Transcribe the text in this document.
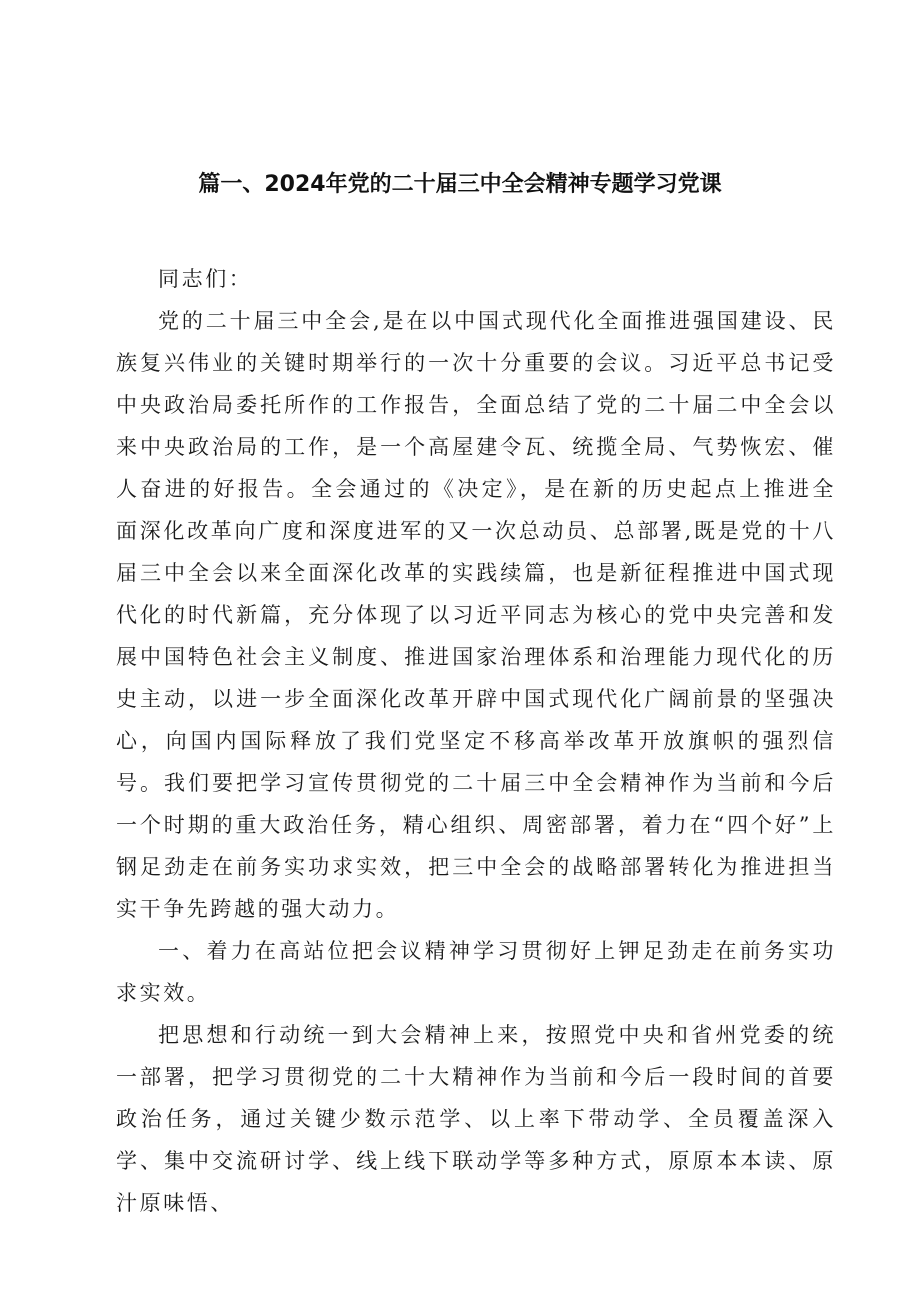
篇一、2024年党的二十届三中全会精神专题学习党课

同志们：

党的二十届三中全会,是在以中国式现代化全面推进强国建设、民族复兴伟业的关键时期举行的一次十分重要的会议。习近平总书记受中央政治局委托所作的工作报告，全面总结了党的二十届二中全会以来中央政治局的工作，是一个高屋建令瓦、统揽全局、气势恢宏、催人奋进的好报告。全会通过的《决定》，是在新的历史起点上推进全面深化改革向广度和深度进军的又一次总动员、总部署,既是党的十八届三中全会以来全面深化改革的实践续篇，也是新征程推进中国式现代化的时代新篇，充分体现了以习近平同志为核心的党中央完善和发展中国特色社会主义制度、推进国家治理体系和治理能力现代化的历史主动，以进一步全面深化改革开辟中国式现代化广阔前景的坚强决心，向国内国际释放了我们党坚定不移高举改革开放旗帜的强烈信号。我们要把学习宣传贯彻党的二十届三中全会精神作为当前和今后一个时期的重大政治任务，精心组织、周密部署，着力在“四个好”上钢足劲走在前务实功求实效，把三中全会的战略部署转化为推进担当实干争先跨越的强大动力。

一、着力在高站位把会议精神学习贯彻好上钾足劲走在前务实功求实效。

把思想和行动统一到大会精神上来，按照党中央和省州党委的统一部署，把学习贯彻党的二十大精神作为当前和今后一段时间的首要政治任务，通过关键少数示范学、以上率下带动学、全员覆盖深入学、集中交流研讨学、线上线下联动学等多种方式，原原本本读、原汁原味悟、
